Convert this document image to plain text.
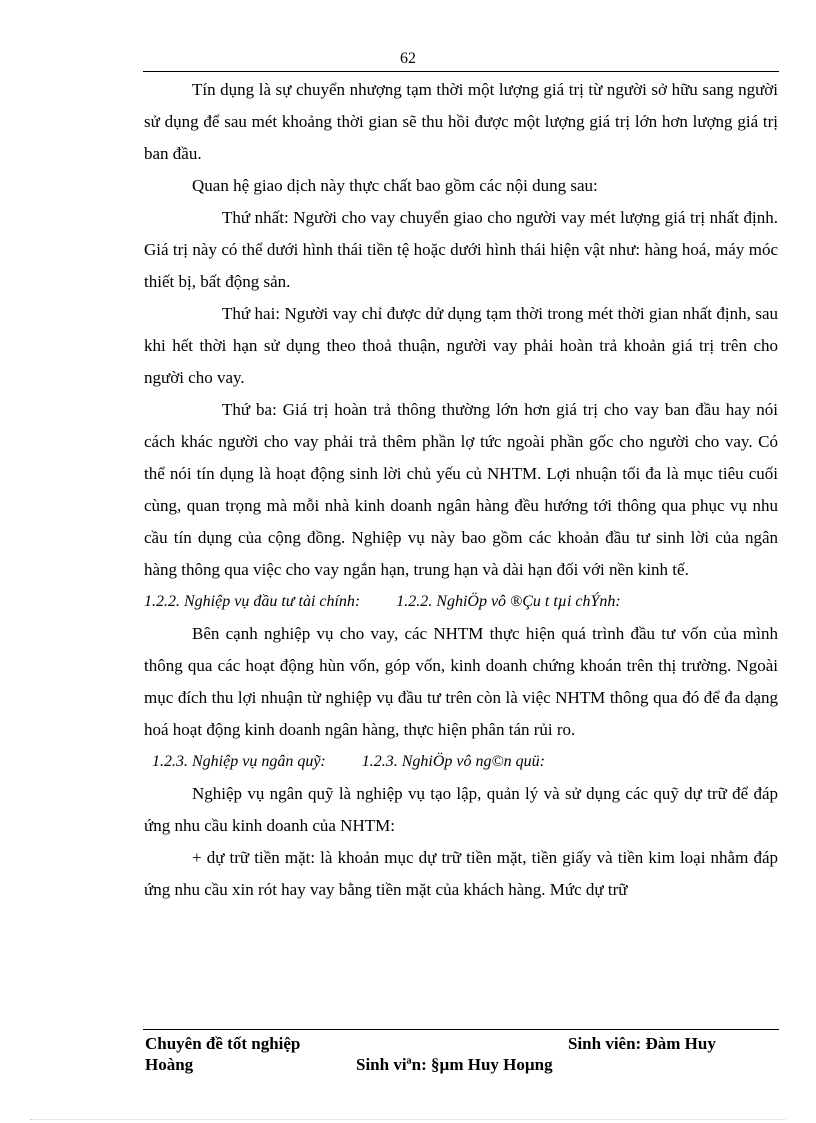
62

Tín dụng là sự chuyển nhượng tạm thời một lượng giá trị từ người sở hữu sang người sử dụng để sau mét khoảng thời gian sẽ thu hồi được một lượng giá trị lớn hơn lượng giá trị ban đầu.

Quan hệ giao dịch này thực chất bao gồm các nội dung sau:

Thứ nhất: Người cho vay chuyển giao cho người vay mét lượng giá trị nhất định. Giá trị này có thể dưới hình thái tiền tệ hoặc dưới hình thái hiện vật như: hàng hoá, máy móc thiết bị, bất động sản.

Thứ hai: Người vay chỉ được dử dụng tạm thời trong mét thời gian nhất định, sau khi hết thời hạn sử dụng theo thoả thuận, người vay phải hoàn trả khoản giá trị trên cho người cho vay.

Thứ ba: Giá trị hoàn trả thông thường lớn hơn giá trị cho vay ban đầu hay nói cách khác người cho vay phải trả thêm phần lợ tức ngoài phần gốc cho người cho vay. Có thể nói tín dụng là hoạt động sinh lời chủ yếu củ NHTM. Lợi nhuận tối đa là mục tiêu cuối cùng, quan trọng mà mỗi nhà kinh doanh ngân hàng đều hướng tới thông qua phục vụ nhu cầu tín dụng của cộng đồng. Nghiệp vụ này bao gồm các khoản đầu tư sinh lời của ngân hàng thông qua việc cho vay ngắn hạn, trung hạn và dài hạn đối với nền kinh tế.

1.2.2. Nghiệp vụ đầu tư tài chính: 1.2.2. NghiÖp vô ®Çu t tµi chÝnh:

Bên cạnh nghiệp vụ cho vay, các NHTM thực hiện quá trình đầu tư vốn của mình thông qua các hoạt động hùn vốn, góp vốn, kinh doanh chứng khoán trên thị trường. Ngoài mục đích thu lợi nhuận từ nghiệp vụ đầu tư trên còn là việc NHTM thông qua đó để đa dạng hoá hoạt động kinh doanh ngân hàng, thực hiện phân tán rủi ro.

1.2.3. Nghiệp vụ ngân quỹ: 1.2.3. NghiÖp vô ng©n quü:

Nghiệp vụ ngân quỹ là nghiệp vụ tạo lập, quản lý và sử dụng các quỹ dự trữ để đáp ứng nhu cầu kinh doanh của NHTM:

+ dự trữ tiền mặt: là khoản mục dự trữ tiền mặt, tiền giấy và tiền kim loại nhằm đáp ứng nhu cầu xin rót hay vay bằng tiền mặt của khách hàng. Mức dự trữ

Chuyên đề tốt nghiệp	Sinh viên: Đàm Huy
Hoàng	Sinh viªn: §µm Huy Hoµng
